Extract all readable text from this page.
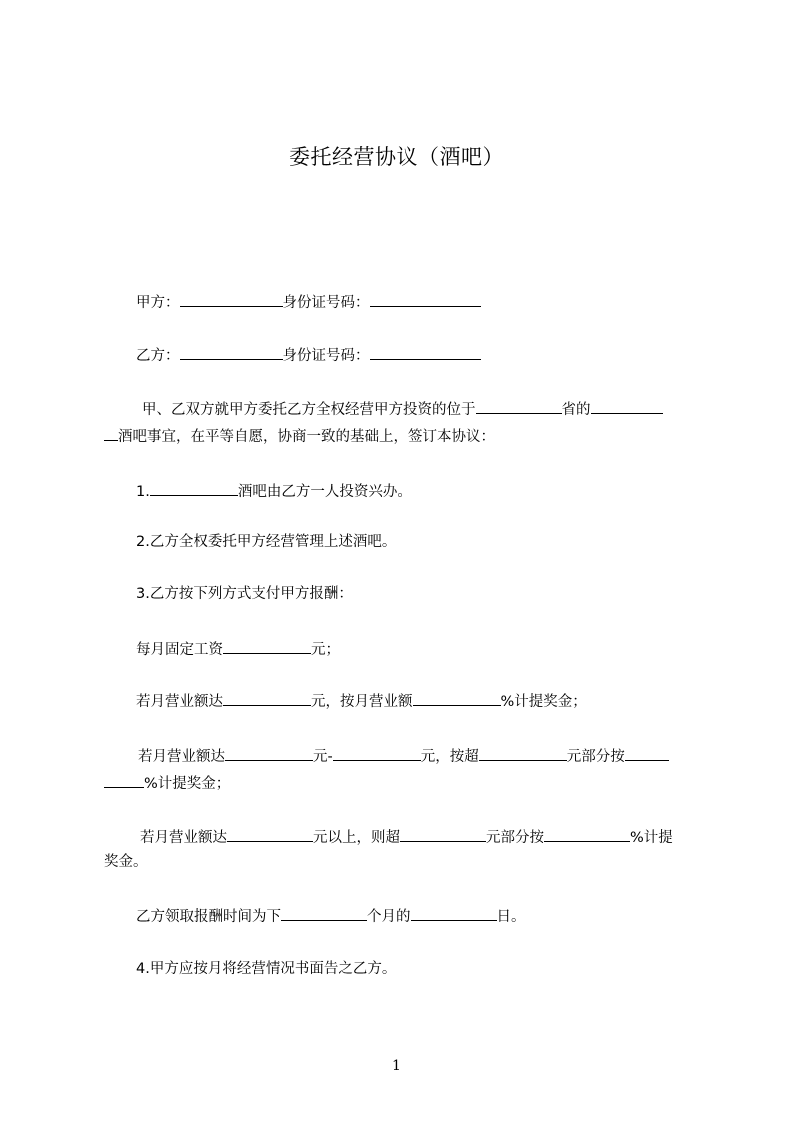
委托经营协议（酒吧）
甲方：	身份证号码：
乙方：	身份证号码：
甲、乙双方就甲方委托乙方全权经营甲方投资的位于	省的
酒吧事宜，在平等自愿，协商一致的基础上，签订本协议：
1.	酒吧由乙方一人投资兴办。
2.乙方全权委托甲方经营管理上述酒吧。
3.乙方按下列方式支付甲方报酬：
每月固定工资	元；
若月营业额达	元，按月营业额	%计提奖金；
若月营业额达	元-	元，按超	元部分按
%计提奖金；
若月营业额达	元以上，则超	元部分按	%计提
奖金。
乙方领取报酬时间为下	个月的	日。
4.甲方应按月将经营情况书面告之乙方。
1
